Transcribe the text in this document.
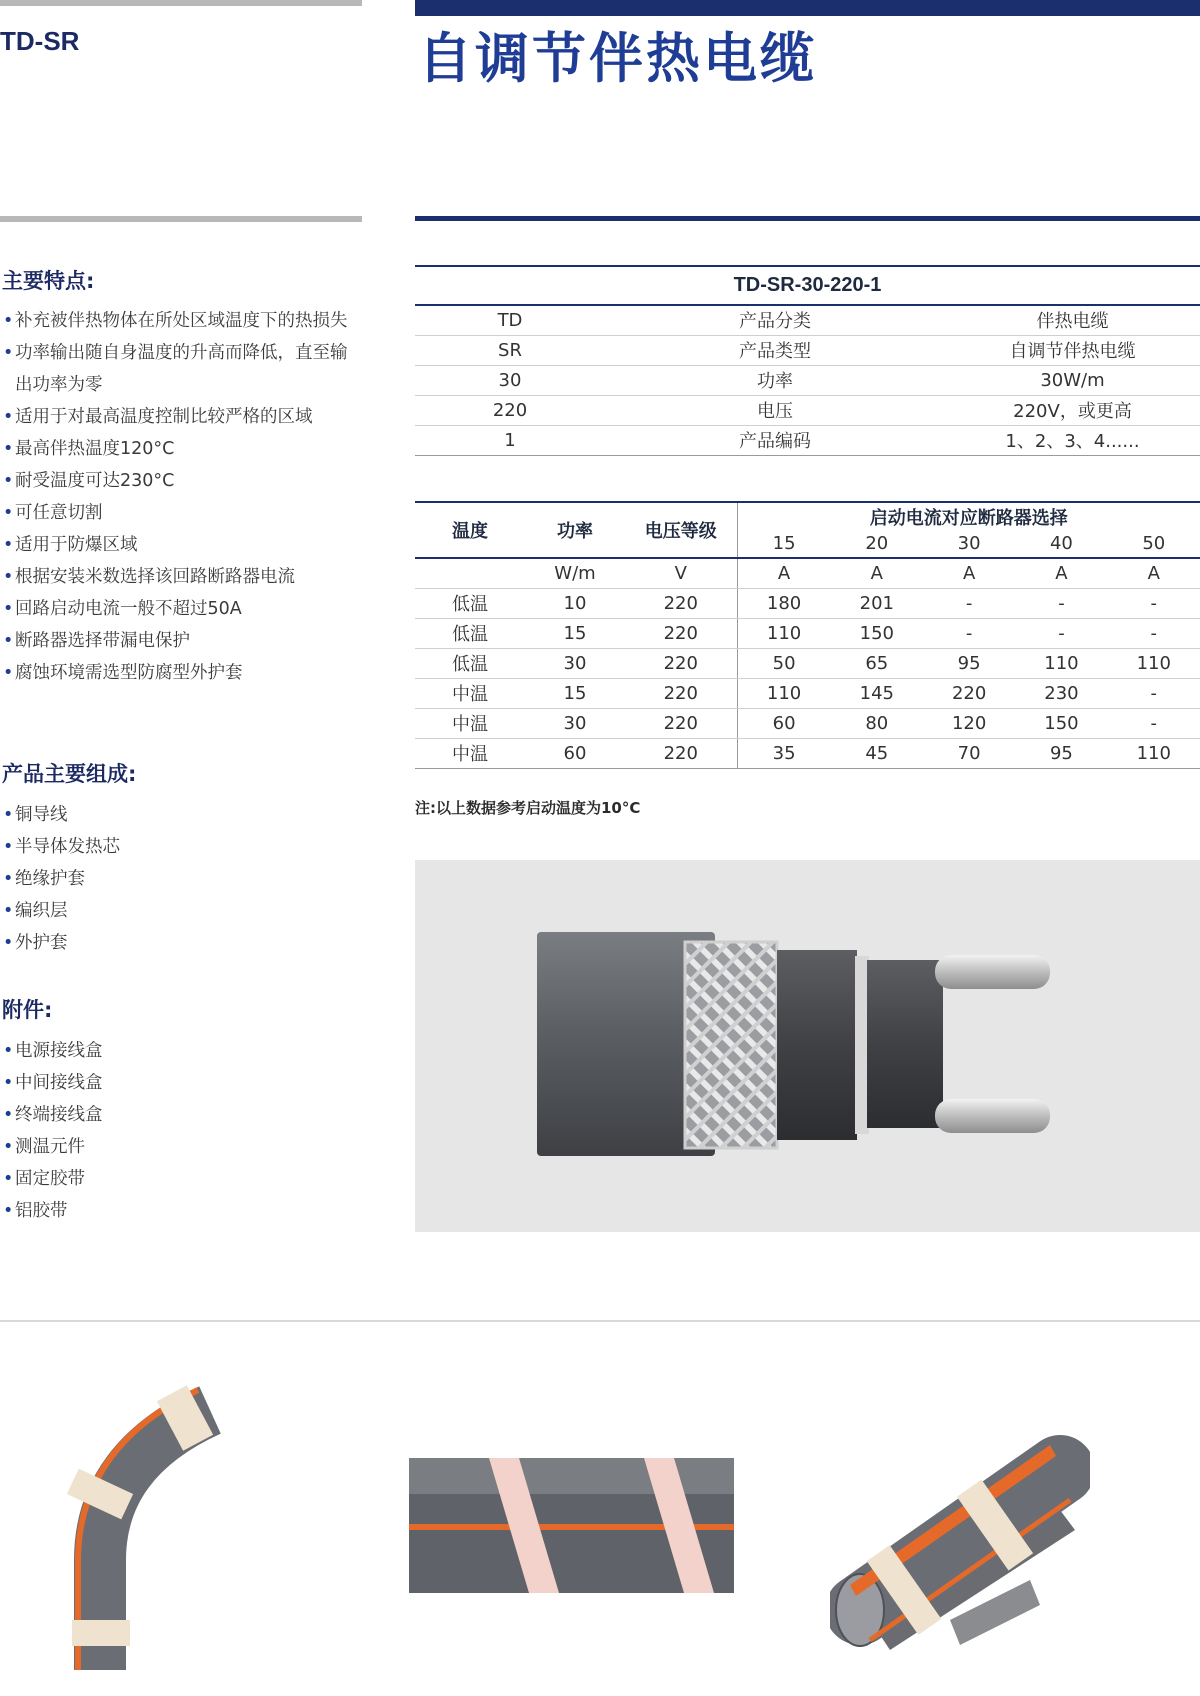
TD-SR	自调节伴热电缆
主要特点:
• 补充被伴热物体在所处区域温度下的热损失
• 功率输出随自身温度的升高而降低，直至输
出功率为零
• 适用于对最高温度控制比较严格的区域
• 最高伴热温度120°C
• 耐受温度可达230°C
• 可任意切割
• 适用于防爆区域
• 根据安装米数选择该回路断路器电流
• 回路启动电流一般不超过50A
• 断路器选择带漏电保护
• 腐蚀环境需选型防腐型外护套
产品主要组成:
• 铜导线
• 半导体发热芯
• 绝缘护套
• 编织层
• 外护套
附件:
• 电源接线盒
• 中间接线盒
• 终端接线盒
• 测温元件
• 固定胶带
• 铝胶带
TD-SR-30-220-1		
TD	产品分类	伴热电缆
SR	产品类型	自调节伴热电缆
30	功率	30W/m
220	电压	220V，或更高
1	产品编码	1、2、3、4......
温度	功率	电压等级	启动电流对应断路器选择				
			15	20	30	40	50
	W/m	V	A	A	A	A	A
低温	10	220	180	201	-	-	-
低温	15	220	110	150	-	-	-
低温	30	220	50	65	95	110	110
中温	15	220	110	145	220	230	-
中温	30	220	60	80	120	150	-
中温	60	220	35	45	70	95	110
注:以上数据参考启动温度为10°C
